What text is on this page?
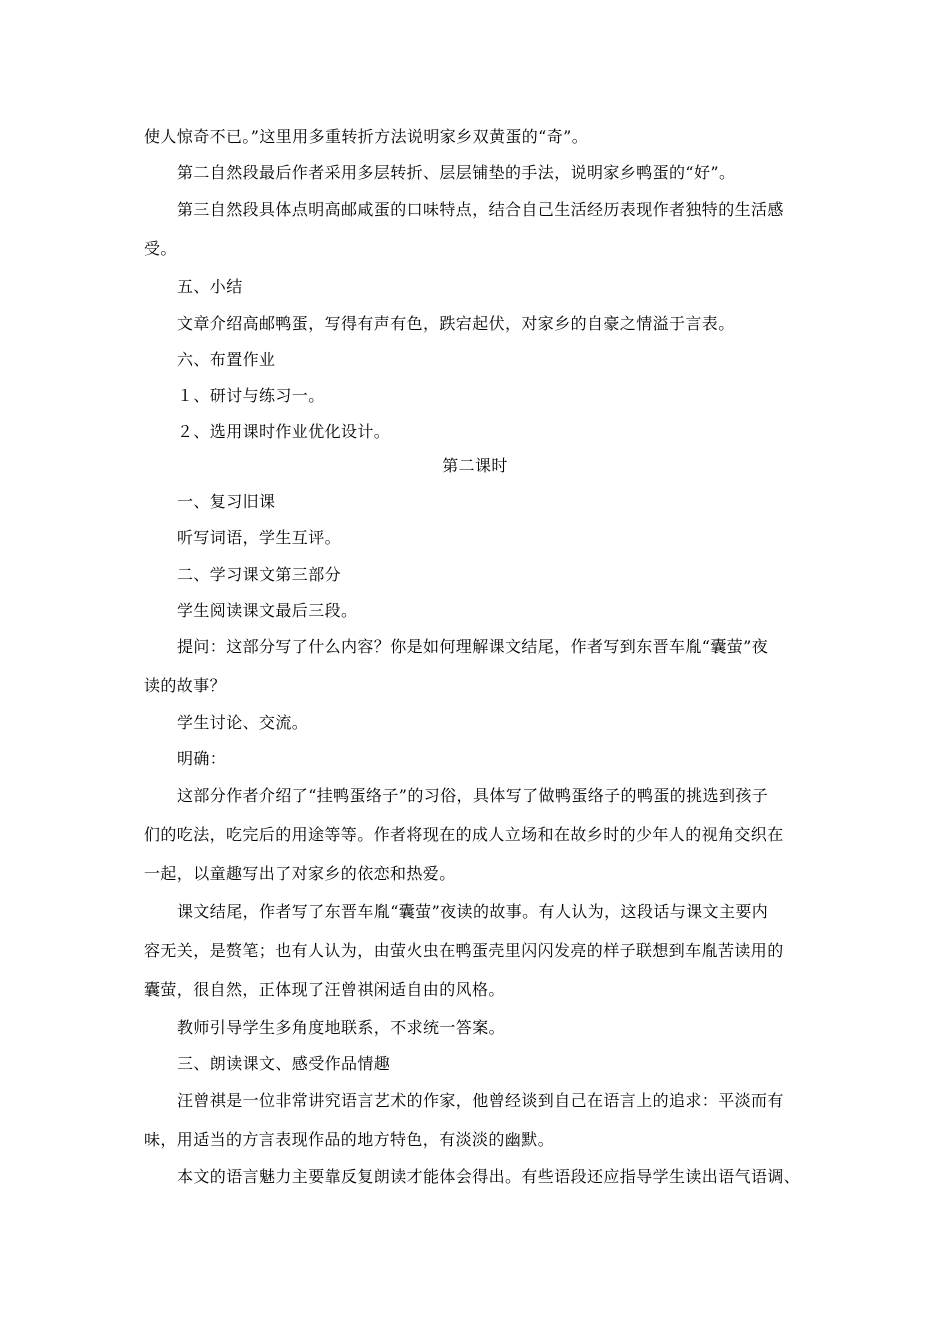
使人惊奇不已。”这里用多重转折方法说明家乡双黄蛋的“奇”。
第二自然段最后作者采用多层转折、层层铺垫的手法，说明家乡鸭蛋的“好”。
第三自然段具体点明高邮咸蛋的口味特点，结合自己生活经历表现作者独特的生活感
受。
五、小结
文章介绍高邮鸭蛋，写得有声有色，跌宕起伏，对家乡的自豪之情溢于言表。
六、布置作业
１、研讨与练习一。
２、选用课时作业优化设计。
第二课时
一、复习旧课
听写词语，学生互评。
二、学习课文第三部分
学生阅读课文最后三段。
提问：这部分写了什么内容？你是如何理解课文结尾，作者写到东晋车胤“囊萤”夜
读的故事？
学生讨论、交流。
明确：
这部分作者介绍了“挂鸭蛋络子”的习俗，具体写了做鸭蛋络子的鸭蛋的挑选到孩子
们的吃法，吃完后的用途等等。作者将现在的成人立场和在故乡时的少年人的视角交织在
一起，以童趣写出了对家乡的依恋和热爱。
课文结尾，作者写了东晋车胤“囊萤”夜读的故事。有人认为，这段话与课文主要内
容无关，是赘笔；也有人认为，由萤火虫在鸭蛋壳里闪闪发亮的样子联想到车胤苦读用的
囊萤，很自然，正体现了汪曾祺闲适自由的风格。
教师引导学生多角度地联系，不求统一答案。
三、朗读课文、感受作品情趣
汪曾祺是一位非常讲究语言艺术的作家，他曾经谈到自己在语言上的追求：平淡而有
味，用适当的方言表现作品的地方特色，有淡淡的幽默。
本文的语言魅力主要靠反复朗读才能体会得出。有些语段还应指导学生读出语气语调、
